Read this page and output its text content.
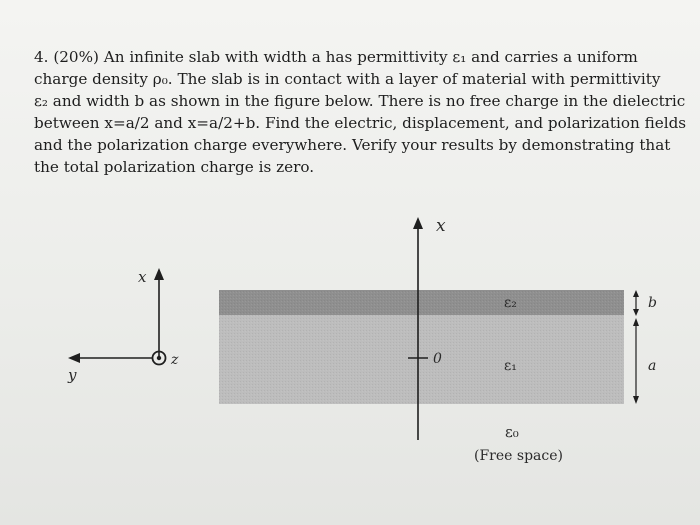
4. (20%) An infinite slab with width a has permittivity ε₁ and carries a uniform
charge density ρ₀. The slab is in contact with a layer of material with permittivity
ε₂ and width b as shown in the figure below. There is no free charge in the dielectric
between x=a/2 and x=a/2+b. Find the electric, displacement, and polarization fields
and the polarization charge everywhere. Verify your results by demonstrating that
the total polarization charge is zero.
x
0
ε₂
ε₁
ε₀
(Free space)
b
a
x
y
z
